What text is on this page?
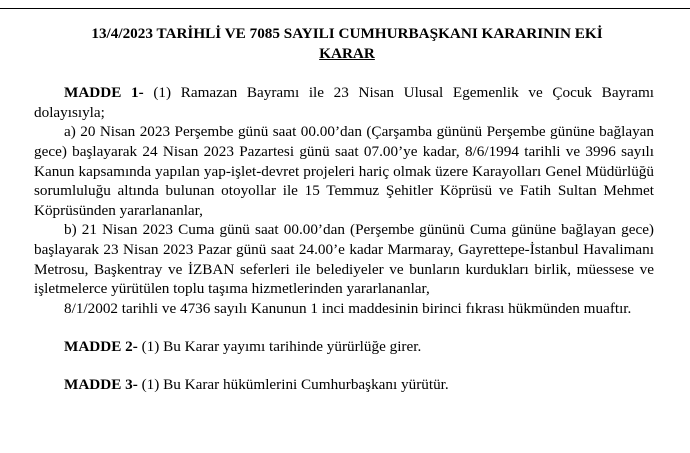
13/4/2023 TARİHLİ VE 7085 SAYILI CUMHURBAŞKANI KARARININ EKİ

KARAR

MADDE 1- (1) Ramazan Bayramı ile 23 Nisan Ulusal Egemenlik ve Çocuk Bayramı dolayısıyla;

a) 20 Nisan 2023 Perşembe günü saat 00.00’dan (Çarşamba gününü Perşembe gününe bağlayan gece) başlayarak 24 Nisan 2023 Pazartesi günü saat 07.00’ye kadar, 8/6/1994 tarihli ve 3996 sayılı Kanun kapsamında yapılan yap-işlet-devret projeleri hariç olmak üzere Karayolları Genel Müdürlüğü sorumluluğu altında bulunan otoyollar ile 15 Temmuz Şehitler Köprüsü ve Fatih Sultan Mehmet Köprüsünden yararlananlar,

b) 21 Nisan 2023 Cuma günü saat 00.00’dan (Perşembe gününü Cuma gününe bağlayan gece) başlayarak 23 Nisan 2023 Pazar günü saat 24.00’e kadar Marmaray, Gayrettepe-İstanbul Havalimanı Metrosu, Başkentray ve İZBAN seferleri ile belediyeler ve bunların kurdukları birlik, müessese ve işletmelerce yürütülen toplu taşıma hizmetlerinden yararlananlar,

8/1/2002 tarihli ve 4736 sayılı Kanunun 1 inci maddesinin birinci fıkrası hükmünden muaftır.

MADDE 2- (1) Bu Karar yayımı tarihinde yürürlüğe girer.

MADDE 3- (1) Bu Karar hükümlerini Cumhurbaşkanı yürütür.
